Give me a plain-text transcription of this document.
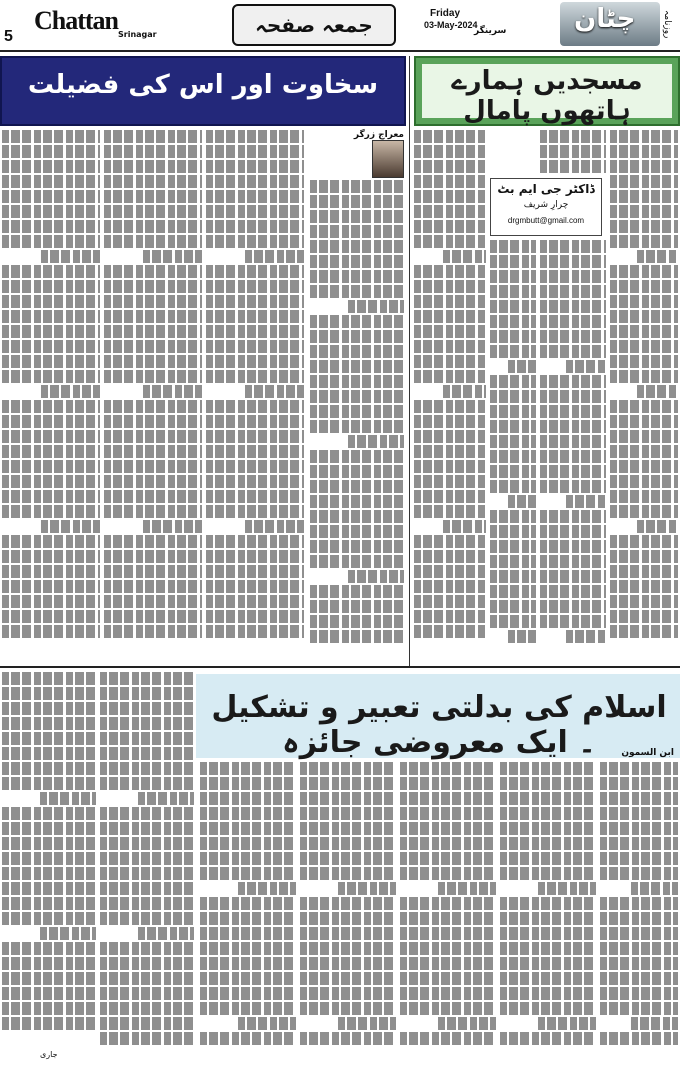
5
Chattan Srinagar	جمعہ صفحہ	Friday
03-May-2024
سرینگر	چٹان	روزنامہ
مسجدیں ہمارے ہاتھوں پامال
ڈاکٹر جی ایم بٹ
چرارِ شریف
drgmbutt@gmail.com
سخاوت اور اس کی فضیلت
معراج زرگر
اسلام کی بدلتی تعبیر و تشکیل ۔ ایک معروضی جائزہ	ابن السمون
جاری
